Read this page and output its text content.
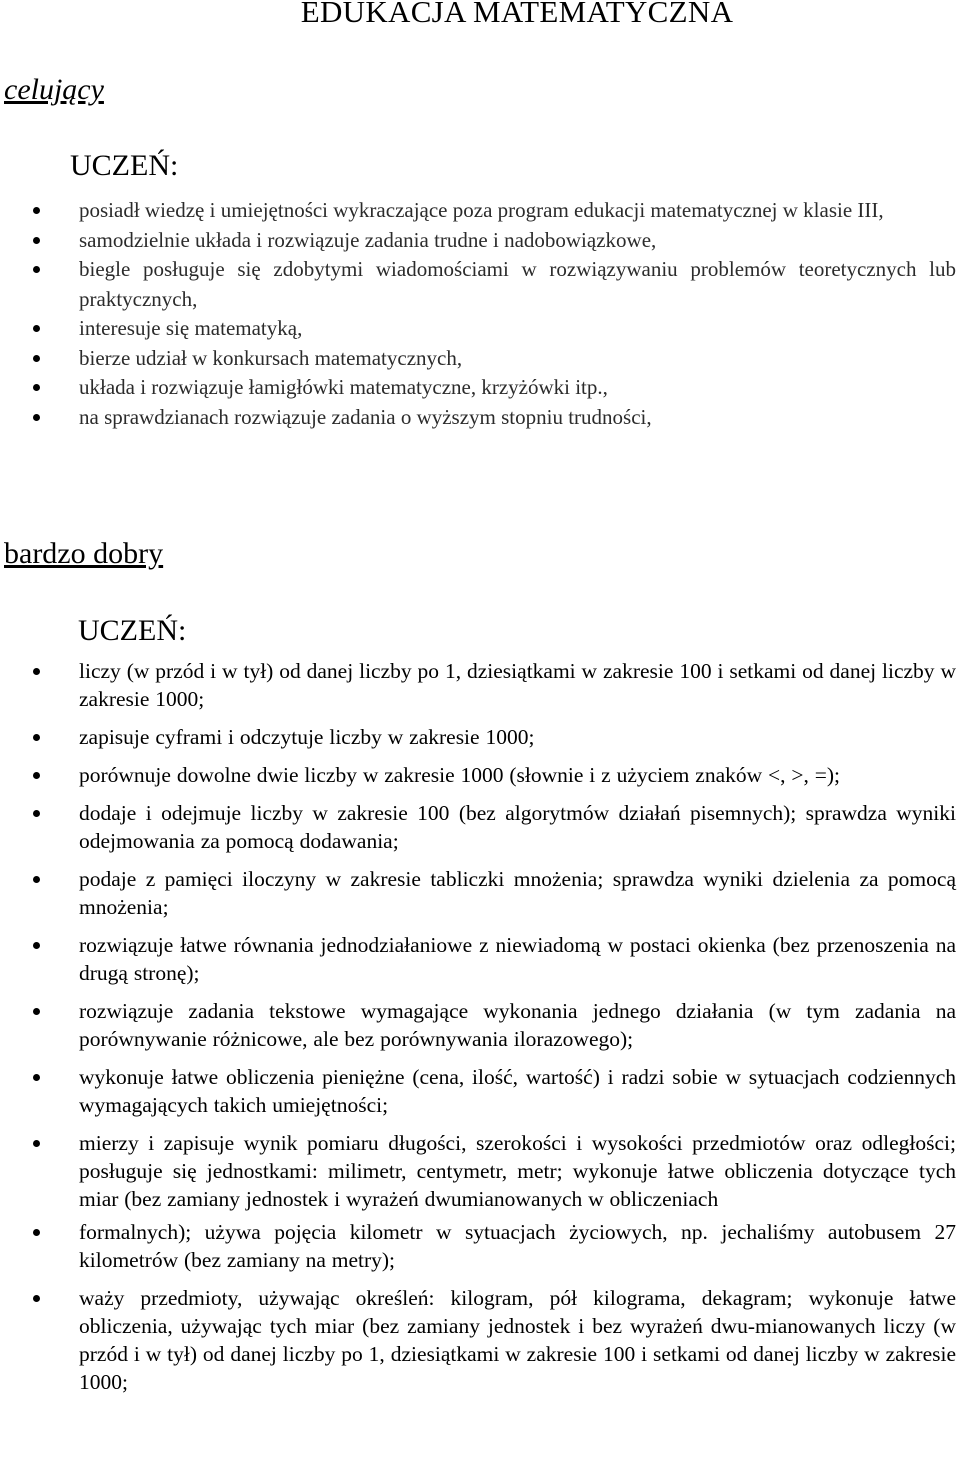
EDUKACJA MATEMATYCZNA
celujący
UCZEŃ:
posiadł wiedzę i umiejętności wykraczające poza program edukacji matematycznej w klasie III,
samodzielnie układa i rozwiązuje zadania trudne i nadobowiązkowe,
biegle posługuje się zdobytymi wiadomościami w rozwiązywaniu problemów teoretycznych lub praktycznych,
interesuje się matematyką,
bierze udział w konkursach matematycznych,
układa i rozwiązuje łamigłówki matematyczne, krzyżówki itp.,
na sprawdzianach rozwiązuje zadania o wyższym stopniu trudności,
bardzo dobry
UCZEŃ:
liczy (w przód i w tył) od danej liczby po 1, dziesiątkami w zakresie 100 i setkami od danej liczby w zakresie 1000;
zapisuje cyframi i odczytuje liczby w zakresie 1000;
porównuje dowolne dwie liczby w zakresie 1000 (słownie i z użyciem znaków <, >, =);
dodaje i odejmuje liczby w zakresie 100 (bez algorytmów działań pisemnych); sprawdza wyniki odejmowania za pomocą dodawania;
podaje z pamięci iloczyny w zakresie tabliczki mnożenia; sprawdza wyniki dzielenia za pomocą mnożenia;
rozwiązuje łatwe równania jednodziałaniowe z niewiadomą w postaci okienka (bez przenoszenia na drugą stronę);
rozwiązuje zadania tekstowe wymagające wykonania jednego działania (w tym zadania na porównywanie różnicowe, ale bez porównywania ilorazowego);
wykonuje łatwe obliczenia pieniężne (cena, ilość, wartość) i radzi sobie w sytuacjach codziennych wymagających takich umiejętności;
mierzy i zapisuje wynik pomiaru długości, szerokości i wysokości przedmiotów oraz odległości; posługuje się jednostkami: milimetr, centymetr, metr; wykonuje łatwe obliczenia dotyczące tych miar (bez zamiany jednostek i wyrażeń dwumianowanych w obliczeniach
formalnych); używa pojęcia kilometr w sytuacjach życiowych, np. jechaliśmy autobusem 27 kilometrów (bez zamiany na metry);
waży przedmioty, używając określeń: kilogram, pół kilograma, dekagram; wykonuje łatwe obliczenia, używając tych miar (bez zamiany jednostek i bez wyrażeń dwu-mianowanych liczy (w przód i w tył) od danej liczby po 1, dziesiątkami w zakresie 100 i setkami od danej liczby w zakresie 1000;
